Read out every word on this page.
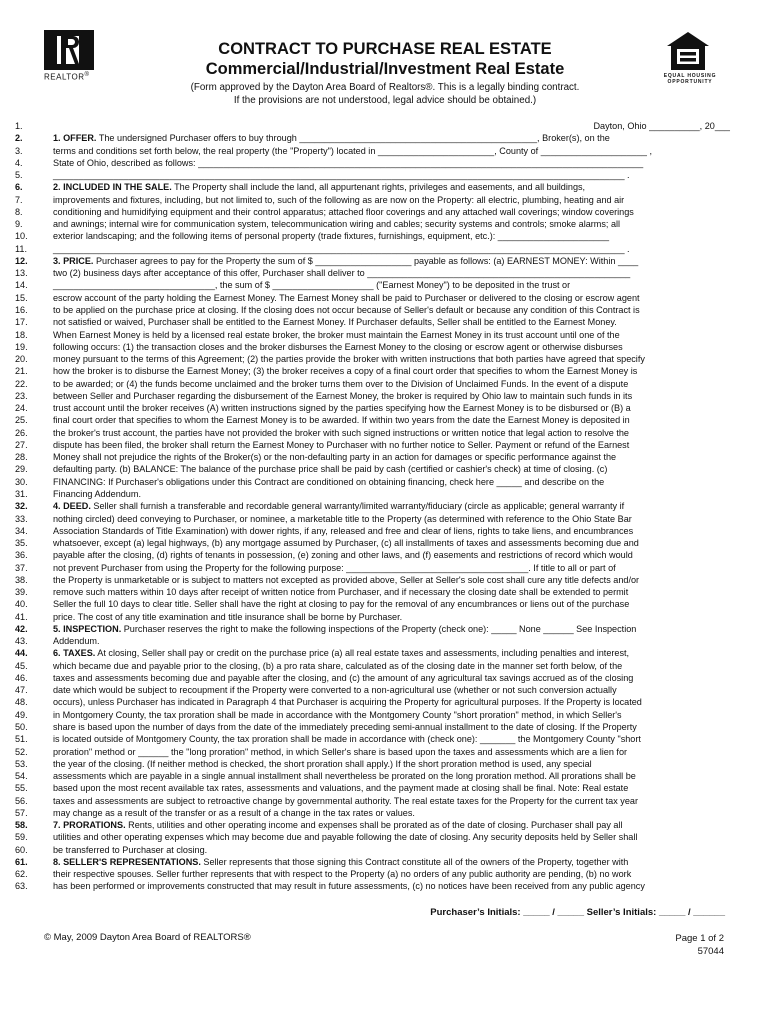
REALTOR®	EQUAL HOUSING
OPPORTUNITY
CONTRACT TO PURCHASE REAL ESTATE
Commercial/Industrial/Investment Real Estate
(Form approved by the Dayton Area Board of Realtors®. This is a legally binding contract.
If the provisions are not understood, legal advice should be obtained.)
1.	Dayton, Ohio __________, 20___
2.	1. OFFER. The undersigned Purchaser offers to buy through _______________________________________________, Broker(s), on the
3.	terms and conditions set forth below, the real property (the "Property") located in _______________________, County of _____________________ ,
4.	State of Ohio, described as follows: ________________________________________________________________________________________
5.	_________________________________________________________________________________________________________________ .
6.	2. INCLUDED IN THE SALE. The Property shall include the land, all appurtenant rights, privileges and easements, and all buildings,
7.	improvements and fixtures, including, but not limited to, such of the following as are now on the Property: all electric, plumbing, heating and air
8.	conditioning and humidifying equipment and their control apparatus; attached floor coverings and any attached wall coverings; window coverings
9.	and awnings; internal wire for communication system, telecommunication wiring and cables; security systems and controls; smoke alarms; all
10.	exterior landscaping; and the following items of personal property (trade fixtures, furnishings, equipment, etc.): ______________________
11.	_________________________________________________________________________________________________________________ .
12.	3. PRICE. Purchaser agrees to pay for the Property the sum of $ ___________________ payable as follows: (a) EARNEST MONEY: Within ____
13.	two (2) business days after acceptance of this offer, Purchaser shall deliver to ____________________________________________________
14.	________________________________, the sum of $ ____________________ ("Earnest Money") to be deposited in the trust or
15.	escrow account of the party holding the Earnest Money. The Earnest Money shall be paid to Purchaser or delivered to the closing or escrow agent
16.	to be applied on the purchase price at closing. If the closing does not occur because of Seller's default or because any condition of this Contract is
17.	not satisfied or waived, Purchaser shall be entitled to the Earnest Money. If Purchaser defaults, Seller shall be entitled to the Earnest Money.
18.	When Earnest Money is held by a licensed real estate broker, the broker must maintain the Earnest Money in its trust account until one of the
19.	following occurs: (1) the transaction closes and the broker disburses the Earnest Money to the closing or escrow agent or otherwise disburses
20.	money pursuant to the terms of this Agreement; (2) the parties provide the broker with written instructions that both parties have agreed that specify
21.	how the broker is to disburse the Earnest Money; (3) the broker receives a copy of a final court order that specifies to whom the Earnest Money is
22.	to be awarded; or (4) the funds become unclaimed and the broker turns them over to the Division of Unclaimed Funds. In the event of a dispute
23.	between Seller and Purchaser regarding the disbursement of the Earnest Money, the broker is required by Ohio law to maintain such funds in its
24.	trust account until the broker receives (A) written instructions signed by the parties specifying how the Earnest Money is to be disbursed or (B) a
25.	final court order that specifies to whom the Earnest Money is to be awarded. If within two years from the date the Earnest Money is deposited in
26.	the broker's trust account, the parties have not provided the broker with such signed instructions or written notice that legal action to resolve the
27.	dispute has been filed, the broker shall return the Earnest Money to Purchaser with no further notice to Seller. Payment or refund of the Earnest
28.	Money shall not prejudice the rights of the Broker(s) or the non-defaulting party in an action for damages or specific performance against the
29.	defaulting party. (b) BALANCE: The balance of the purchase price shall be paid by cash (certified or cashier's check) at time of closing. (c)
30.	FINANCING: If Purchaser's obligations under this Contract are conditioned on obtaining financing, check here _____ and describe on the
31.	Financing Addendum.
32.	4. DEED. Seller shall furnish a transferable and recordable general warranty/limited warranty/fiduciary (circle as applicable; general warranty if
33.	nothing circled) deed conveying to Purchaser, or nominee, a marketable title to the Property (as determined with reference to the Ohio State Bar
34.	Association Standards of Title Examination) with dower rights, if any, released and free and clear of liens, rights to take liens, and encumbrances
35.	whatsoever, except (a) legal highways, (b) any mortgage assumed by Purchaser, (c) all installments of taxes and assessments becoming due and
36.	payable after the closing, (d) rights of tenants in possession, (e) zoning and other laws, and (f) easements and restrictions of record which would
37.	not prevent Purchaser from using the Property for the following purpose: ____________________________________. If title to all or part of
38.	the Property is unmarketable or is subject to matters not excepted as provided above, Seller at Seller's sole cost shall cure any title defects and/or
39.	remove such matters within 10 days after receipt of written notice from Purchaser, and if necessary the closing date shall be extended to permit
40.	Seller the full 10 days to clear title. Seller shall have the right at closing to pay for the removal of any encumbrances or liens out of the purchase
41.	price. The cost of any title examination and title insurance shall be borne by Purchaser.
42.	5. INSPECTION. Purchaser reserves the right to make the following inspections of the Property (check one): _____ None ______ See Inspection
43.	Addendum.
44.	6. TAXES. At closing, Seller shall pay or credit on the purchase price (a) all real estate taxes and assessments, including penalties and interest,
45.	which became due and payable prior to the closing, (b) a pro rata share, calculated as of the closing date in the manner set forth below, of the
46.	taxes and assessments becoming due and payable after the closing, and (c) the amount of any agricultural tax savings accrued as of the closing
47.	date which would be subject to recoupment if the Property were converted to a non-agricultural use (whether or not such conversion actually
48.	occurs), unless Purchaser has indicated in Paragraph 4 that Purchaser is acquiring the Property for agricultural purposes. If the Property is located
49.	in Montgomery County, the tax proration shall be made in accordance with the Montgomery County "short proration" method, in which Seller's
50.	share is based upon the number of days from the date of the immediately preceding semi-annual installment to the date of closing. If the Property
51.	is located outside of Montgomery County, the tax proration shall be made in accordance with (check one): _______ the Montgomery County "short
52.	proration" method or ______ the "long proration" method, in which Seller's share is based upon the taxes and assessments which are a lien for
53.	the year of the closing. (If neither method is checked, the short proration shall apply.) If the short proration method is used, any special
54.	assessments which are payable in a single annual installment shall nevertheless be prorated on the long proration method. All prorations shall be
55.	based upon the most recent available tax rates, assessments and valuations, and the payment made at closing shall be final. Note: Real estate
56.	taxes and assessments are subject to retroactive change by governmental authority. The real estate taxes for the Property for the current tax year
57.	may change as a result of the transfer or as a result of a change in the tax rates or values.
58.	7. PRORATIONS. Rents, utilities and other operating income and expenses shall be prorated as of the date of closing. Purchaser shall pay all
59.	utilities and other operating expenses which may become due and payable following the date of closing. Any security deposits held by Seller shall
60.	be transferred to Purchaser at closing.
61.	8. SELLER'S REPRESENTATIONS. Seller represents that those signing this Contract constitute all of the owners of the Property, together with
62.	their respective spouses. Seller further represents that with respect to the Property (a) no orders of any public authority are pending, (b) no work
63.	has been performed or improvements constructed that may result in future assessments, (c) no notices have been received from any public agency
Purchaser’s Initials: _____ / _____ Seller’s Initials: _____ / ______
© May, 2009 Dayton Area Board of REALTORS®	Page 1 of 2
57044
